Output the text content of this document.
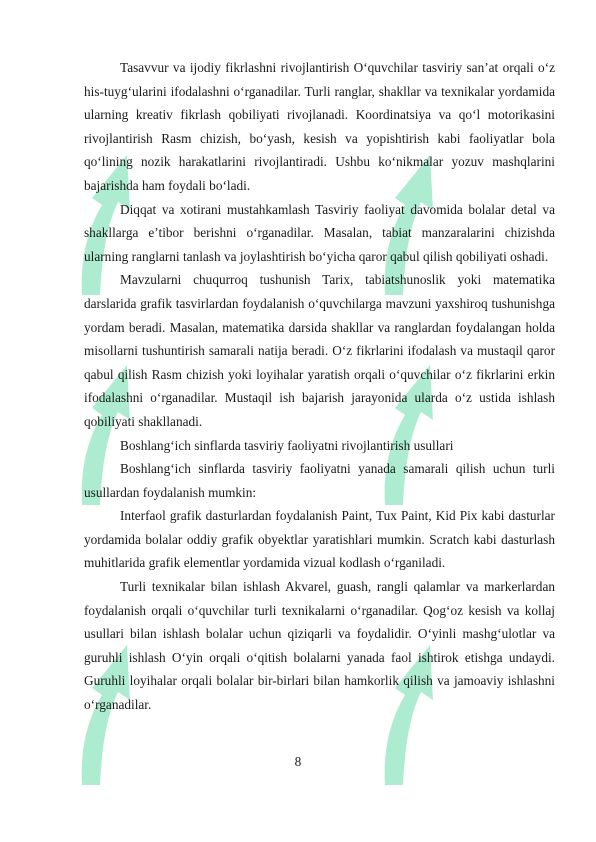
Tasavvur va ijodiy fikrlashni rivojlantirish O‘quvchilar tasviriy san’at orqali o‘z his-tuyg‘ularini ifodalashni o‘rganadilar. Turli ranglar, shakllar va texnikalar yordamida ularning kreativ fikrlash qobiliyati rivojlanadi. Koordinatsiya va qo‘l motorikasini rivojlantirish Rasm chizish, bo‘yash, kesish va yopishtirish kabi faoliyatlar bola qo‘lining nozik harakatlarini rivojlantiradi. Ushbu ko‘nikmalar yozuv mashqlarini bajarishda ham foydali bo‘ladi.

Diqqat va xotirani mustahkamlash Tasviriy faoliyat davomida bolalar detal va shakllarga e’tibor berishni o‘rganadilar. Masalan, tabiat manzaralarini chizishda ularning ranglarni tanlash va joylashtirish bo‘yicha qaror qabul qilish qobiliyati oshadi.

Mavzularni chuqurroq tushunish Tarix, tabiatshunoslik yoki matematika darslarida grafik tasvirlardan foydalanish o‘quvchilarga mavzuni yaxshiroq tushunishga yordam beradi. Masalan, matematika darsida shakllar va ranglardan foydalangan holda misollarni tushuntirish samarali natija beradi. O‘z fikrlarini ifodalash va mustaqil qaror qabul qilish Rasm chizish yoki loyihalar yaratish orqali o‘quvchilar o‘z fikrlarini erkin ifodalashni o‘rganadilar. Mustaqil ish bajarish jarayonida ularda o‘z ustida ishlash qobiliyati shakllanadi.

Boshlang‘ich sinflarda tasviriy faoliyatni rivojlantirish usullari

Boshlang‘ich sinflarda tasviriy faoliyatni yanada samarali qilish uchun turli usullardan foydalanish mumkin:

Interfaol grafik dasturlardan foydalanish Paint, Tux Paint, Kid Pix kabi dasturlar yordamida bolalar oddiy grafik obyektlar yaratishlari mumkin. Scratch kabi dasturlash muhitlarida grafik elementlar yordamida vizual kodlash o‘rganiladi.

Turli texnikalar bilan ishlash Akvarel, guash, rangli qalamlar va markerlardan foydalanish orqali o‘quvchilar turli texnikalarni o‘rganadilar. Qog‘oz kesish va kollaj usullari bilan ishlash bolalar uchun qiziqarli va foydalidir. O‘yinli mashg‘ulotlar va guruhli ishlash O‘yin orqali o‘qitish bolalarni yanada faol ishtirok etishga undaydi. Guruhli loyihalar orqali bolalar bir-birlari bilan hamkorlik qilish va jamoaviy ishlashni o‘rganadilar.

8
